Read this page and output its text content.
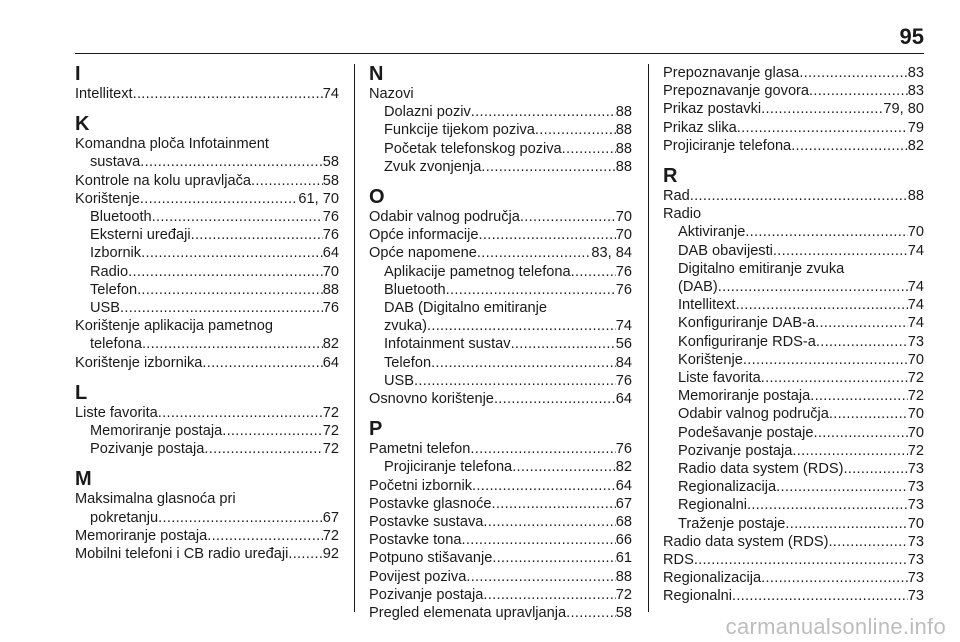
95
I
Intellitext .....	74
K
Komandna ploča Infotainment
sustava .....	58
Kontrole na kolu upravljača .....	58
Korištenje .....	61, 70
Bluetooth .....	76
Eksterni uređaji .....	76
Izbornik .....	64
Radio .....	70
Telefon .....	88
USB .....	76
Korištenje aplikacija pametnog
telefona .....	82
Korištenje izbornika .....	64
L
Liste favorita .....	72
Memoriranje postaja .....	72
Pozivanje postaja .....	72
M
Maksimalna glasnoća pri
pokretanju .....	67
Memoriranje postaja .....	72
Mobilni telefoni i CB radio uređaji ..... 92
N
Nazovi
Dolazni poziv .....	88
Funkcije tijekom poziva .....	88
Početak telefonskog poziva .....	88
Zvuk zvonjenja .....	88
O
Odabir valnog područja .....	70
Opće informacije .....	70
Opće napomene .....	83, 84
Aplikacije pametnog telefona .....	76
Bluetooth .....	76
DAB (Digitalno emitiranje
zvuka) .....	74
Infotainment sustav .....	56
Telefon .....	84
USB .....	76
Osnovno korištenje .....	64
P
Pametni telefon .....	76
Projiciranje telefona .....	82
Početni izbornik .....	64
Postavke glasnoće .....	67
Postavke sustava .....	68
Postavke tona .....	66
Potpuno stišavanje .....	61
Povijest poziva .....	88
Pozivanje postaja .....	72
Pregled elemenata upravljanja .....	58
Prepoznavanje glasa .....	83
Prepoznavanje govora .....	83
Prikaz postavki .....	79, 80
Prikaz slika .....	79
Projiciranje telefona .....	82
R
Rad .....	88
Radio
Aktiviranje .....	70
DAB obavijesti .....	74
Digitalno emitiranje zvuka
(DAB) .....	74
Intellitext .....	74
Konfiguriranje DAB-a .....	74
Konfiguriranje RDS-a .....	73
Korištenje .....	70
Liste favorita .....	72
Memoriranje postaja .....	72
Odabir valnog područja .....	70
Podešavanje postaje .....	70
Pozivanje postaja .....	72
Radio data system (RDS) .....	73
Regionalizacija .....	73
Regionalni .....	73
Traženje postaje .....	70
Radio data system (RDS) .....	73
RDS .....	73
Regionalizacija .....	73
Regionalni .....	73
carmanualsonline.info
